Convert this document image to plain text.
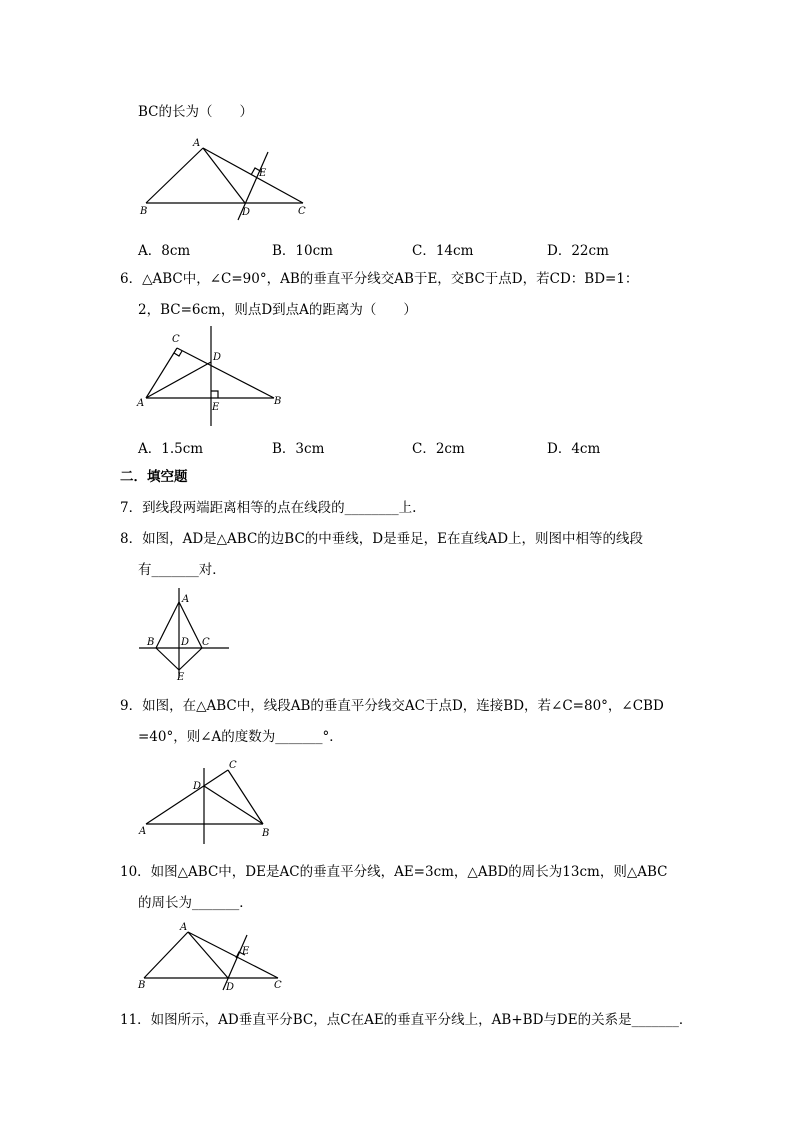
BC的长为（　　）
A
B	C
D
E
A．8cm	B．10cm	C．14cm	D．22cm
6．△ABC中，∠C=90°，AB的垂直平分线交AB于E，交BC于点D，若CD：BD=1：
2，BC=6cm，则点D到点A的距离为（　　）
A	B
C
D
E
A．1.5cm	B．3cm	C．2cm	D．4cm
二．填空题
7．到线段两端距离相等的点在线段的________上.
8．如图，AD是△ABC的边BC的中垂线，D是垂足，E在直线AD上，则图中相等的线段
有_______对．
A
B	C
D
E
9．如图，在△ABC中，线段AB的垂直平分线交AC于点D，连接BD，若∠C=80°，∠CBD
=40°，则∠A的度数为_______°．
A	B
C
D
10．如图△ABC中，DE是AC的垂直平分线，AE=3cm，△ABD的周长为13cm，则△ABC
的周长为_______．
A
B	C
D
E
11．如图所示，AD垂直平分BC，点C在AE的垂直平分线上，AB+BD与DE的关系是_______．
